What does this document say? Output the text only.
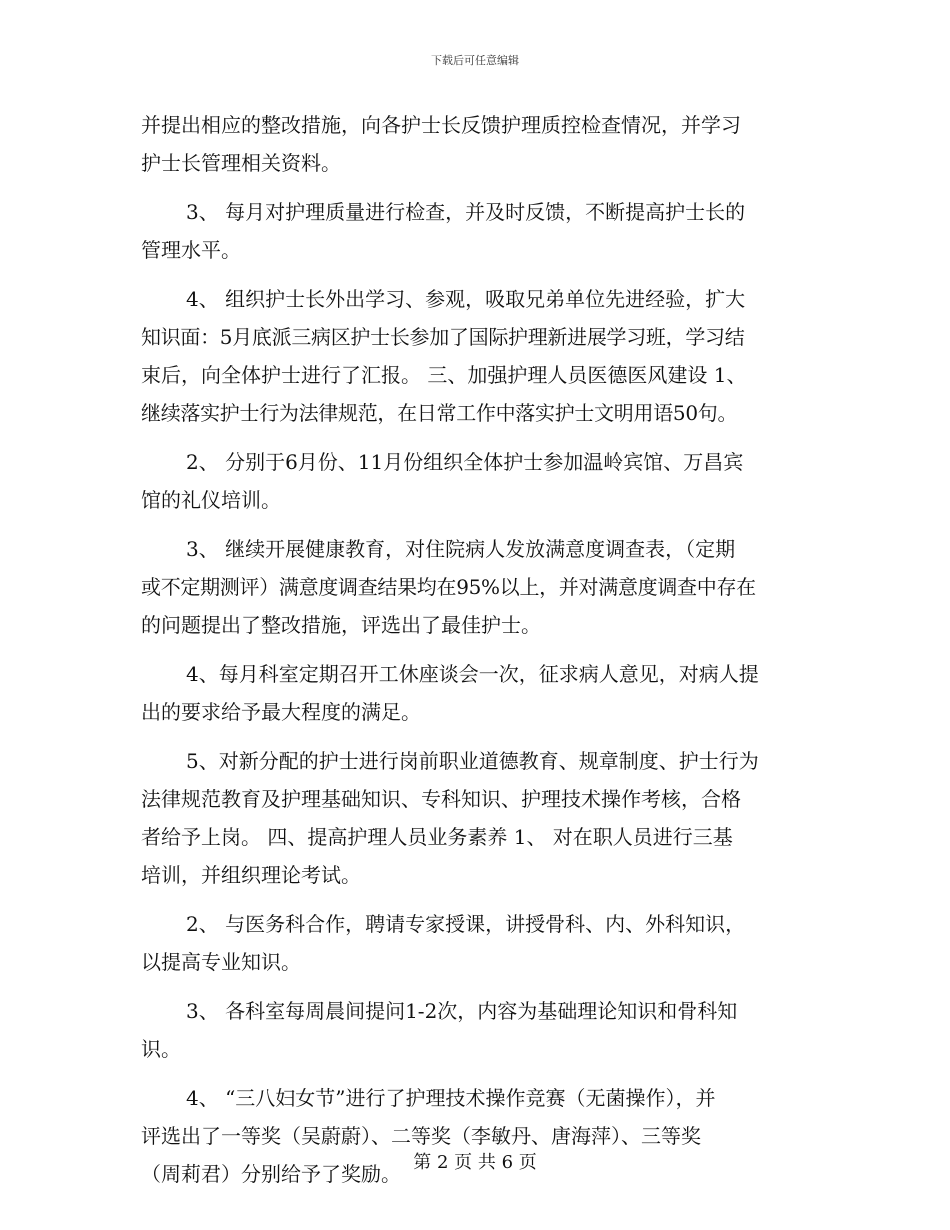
下载后可任意编辑
并提出相应的整改措施，向各护士长反馈护理质控检查情况，并学习
护士长管理相关资料。
3、 每月对护理质量进行检查，并及时反馈，不断提高护士长的
管理水平。
4、 组织护士长外出学习、参观，吸取兄弟单位先进经验，扩大
知识面：5月底派三病区护士长参加了国际护理新进展学习班，学习结
束后，向全体护士进行了汇报。 三、加强护理人员医德医风建设 1、
继续落实护士行为法律规范，在日常工作中落实护士文明用语50句。
2、 分别于6月份、11月份组织全体护士参加温岭宾馆、万昌宾
馆的礼仪培训。
3、 继续开展健康教育，对住院病人发放满意度调查表，（定期
或不定期测评）满意度调查结果均在95%以上，并对满意度调查中存在
的问题提出了整改措施，评选出了最佳护士。
4、每月科室定期召开工休座谈会一次，征求病人意见，对病人提
出的要求给予最大程度的满足。
5、对新分配的护士进行岗前职业道德教育、规章制度、护士行为
法律规范教育及护理基础知识、专科知识、护理技术操作考核，合格
者给予上岗。 四、提高护理人员业务素养 1、 对在职人员进行三基
培训，并组织理论考试。
2、 与医务科合作，聘请专家授课，讲授骨科、内、外科知识，
以提高专业知识。
3、 各科室每周晨间提问1-2次，内容为基础理论知识和骨科知
识。
4、 “三八妇女节”进行了护理技术操作竞赛（无菌操作），并
评选出了一等奖（吴蔚蔚）、二等奖（李敏丹、唐海萍）、三等奖
（周莉君）分别给予了奖励。 第 2 页 共 6 页
